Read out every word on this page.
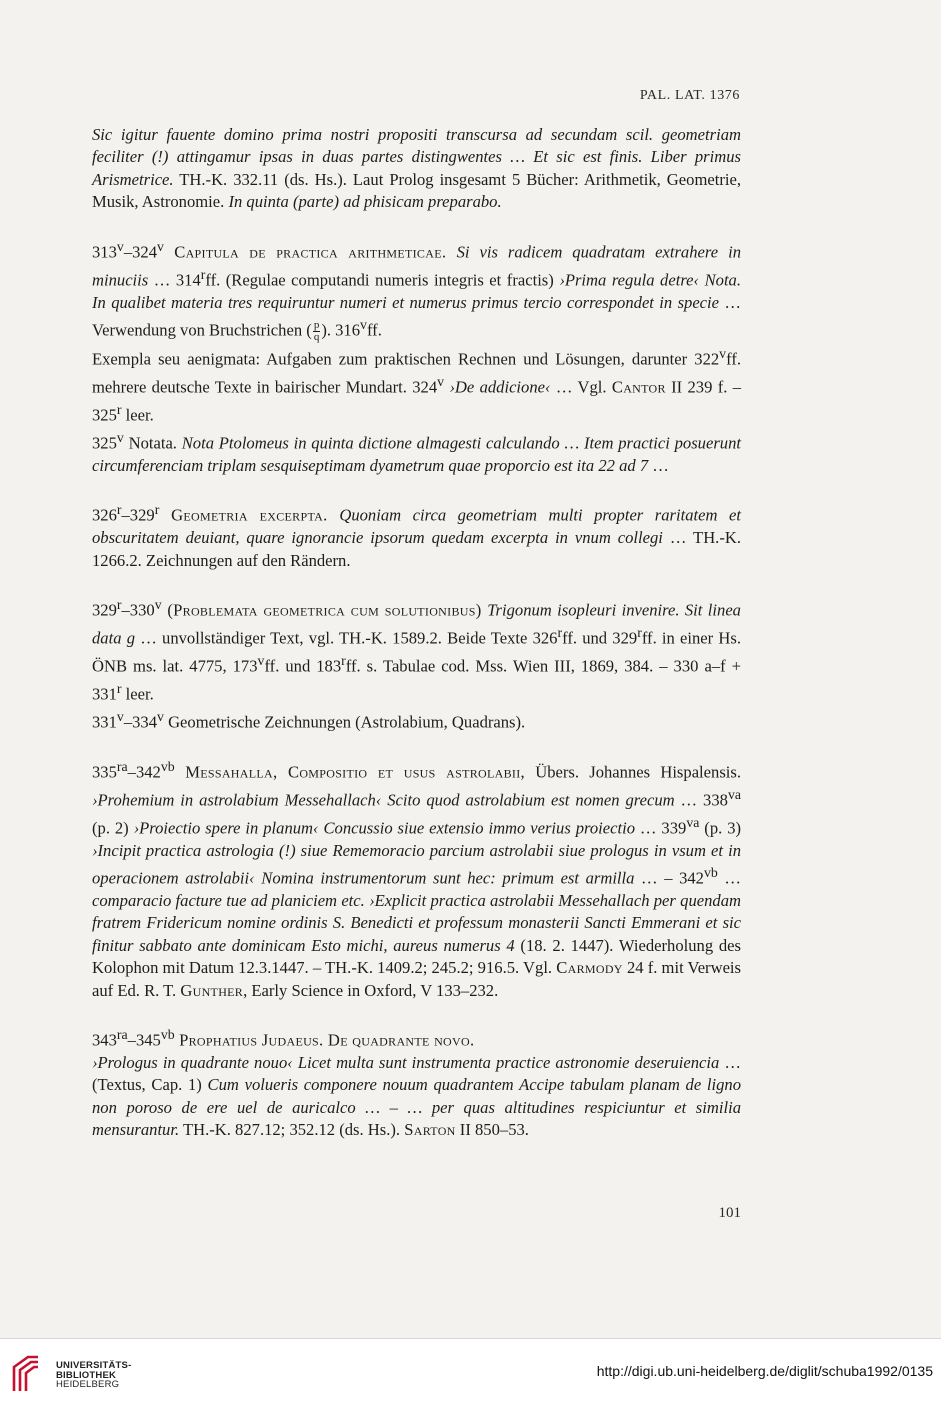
PAL. LAT. 1376

Sic igitur fauente domino prima nostri propositi transcursa ad secundam scil. geometriam feciliter (!) attingamur ipsas in duas partes distingwentes … Et sic est finis. Liber primus Arismetrice. TH.-K. 332.11 (ds. Hs.). Laut Prolog insgesamt 5 Bücher: Arithmetik, Geometrie, Musik, Astronomie. In quinta (parte) ad phisicam preparabo.

313$^v$–324$^v$ Capitula de practica arithmeticae. Si vis radicem quadratam extrahere in minuciis … 314$^r$ff. (Regulae computandi numeris integris et fractis) ›Prima regula detre‹ Nota. In qualibet materia tres requiruntur numeri et numerus primus tercio correspondet in specie … Verwendung von Bruchstrichen ( $\frac{p}{q}$ ). 316$^v$ff.

Exempla seu aenigmata: Aufgaben zum praktischen Rechnen und Lösungen, darunter 322$^v$ff. mehrere deutsche Texte in bairischer Mundart. 324$^v$ ›De addicione‹ … Vgl. Cantor II 239 f. – 325$^r$ leer.

325$^v$ Notata. Nota Ptolomeus in quinta dictione almagesti calculando … Item practici posuerunt circumferenciam triplam sesquiseptimam dyametrum quae proporcio est ita 22 ad 7 …

326$^r$–329$^r$ Geometria excerpta. Quoniam circa geometriam multi propter raritatem et obscuritatem deuiant, quare ignorancie ipsorum quedam excerpta in vnum collegi … TH.-K. 1266.2. Zeichnungen auf den Rändern.

329$^r$–330$^v$ (Problemata geometrica cum solutionibus) Trigonum isopleuri invenire. Sit linea data g … unvollständiger Text, vgl. TH.-K. 1589.2. Beide Texte 326$^r$ff. und 329$^r$ff. in einer Hs. ÖNB ms. lat. 4775, 173$^v$ff. und 183$^r$ff. s. Tabulae cod. Mss. Wien III, 1869, 384. – 330 $a-f + 331^r$ leer.

331$^v$–334$^v$ Geometrische Zeichnungen (Astrolabium, Quadrans).

$335^{ra}-342^{vb}$ Messahalla, Compositio et usus astrolabii, Übers. Johannes Hispalensis. ›Prohemium in astrolabium Messehallach‹ Scito quod astrolabium est nomen grecum … $338^{va}$ (p. 2) ›Proiectio spere in planum‹ Concussio siue extensio immo verius proiectio … $339^{va}$ (p. 3) ›Incipit practica astrologia (!) siue Rememoracio parcium astrolabii siue prologus in vsum et in operacionem astrolabii‹ Nomina instrumentorum sunt hec: primum est armilla … – $342^{vb}$ … comparacio facture tue ad planiciem etc. ›Explicit practica astrolabii Messehallach per quendam fratrem Fridericum nomine ordinis S. Benedicti et professum monasterii Sancti Emmerani et sic finitur sabbato ante dominicam Esto michi, aureus numerus 4 (18. 2. 1447). Wiederholung des Kolophon mit Datum 12.3.1447. – TH.-K. 1409.2; 245.2; 916.5. Vgl. Carmody 24 f. mit Verweis auf Ed. R. T. Gunther, Early Science in Oxford, V 133–232.

$343^{ra}-345^{vb}$ Prophatius Judaeus. De quadrante novo.

›Prologus in quadrante nouo‹ Licet multa sunt instrumenta practice astronomie deseruiencia … (Textus, Cap. 1) Cum volueris componere nouum quadrantem Accipe tabulam planam de ligno non poroso de ere uel de auricalco … – … per quas altitudines respiciuntur et similia mensurantur. TH.-K. 827.12; 352.12 (ds. Hs.). Sarton II 850–53.

101
UNIVERSITÄTS-
BIBLIOTHEK
HEIDELBERG
http://digi.ub.uni-heidelberg.de/diglit/schuba1992/0135
